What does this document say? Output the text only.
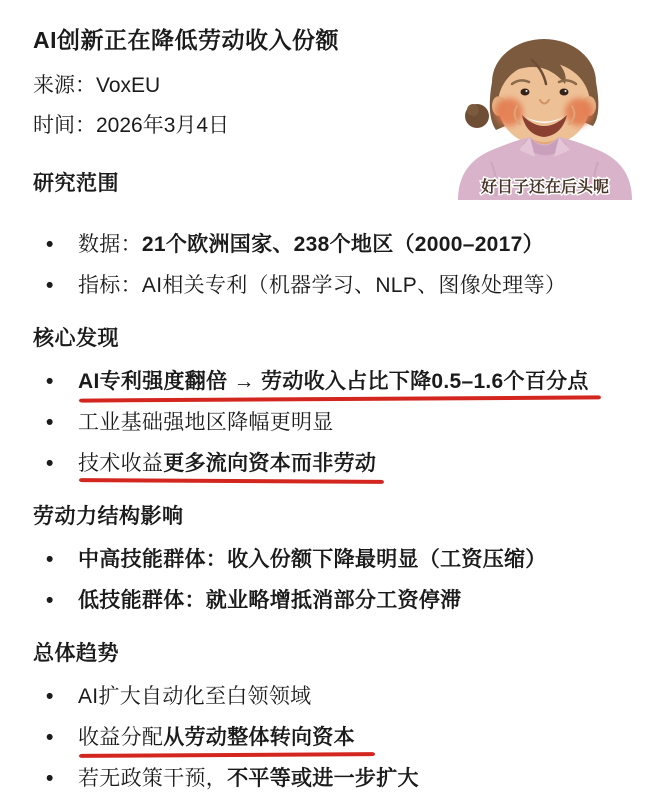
AI创新正在降低劳动收入份额

来源：VoxEU

时间：2026年3月4日

研究范围
• 数据：21个欧洲国家、238个地区（2000–2017）
• 指标：AI相关专利（机器学习、NLP、图像处理等）
核心发现
• AI专利强度翻倍 → 劳动收入占比下降0.5–1.6个百分点
• 工业基础强地区降幅更明显
• 技术收益更多流向资本而非劳动
劳动力结构影响
• 中高技能群体：收入份额下降最明显（工资压缩）
• 低技能群体：就业略增抵消部分工资停滞
总体趋势
• AI扩大自动化至白领领域
• 收益分配从劳动整体转向资本
• 若无政策干预，不平等或进一步扩大
好日子还在后头呢
